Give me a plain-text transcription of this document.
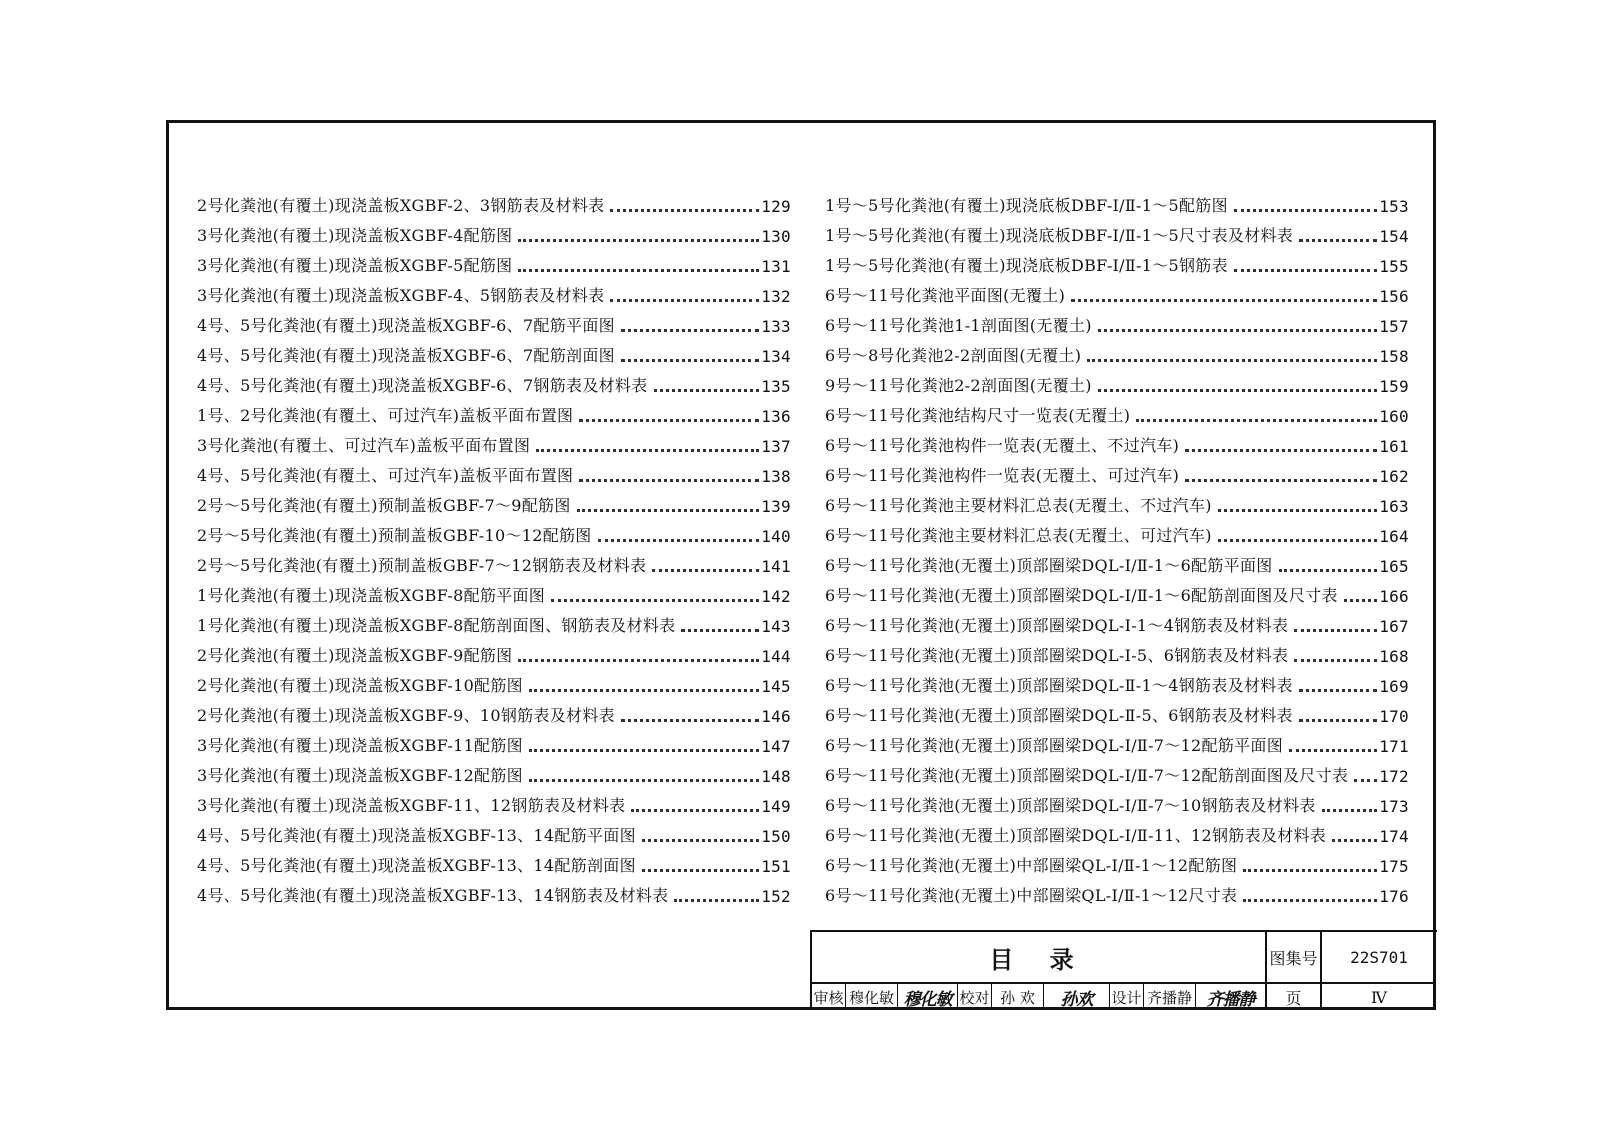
2号化粪池(有覆土)现浇盖板XGBF-2、3钢筋表及材料表	129
3号化粪池(有覆土)现浇盖板XGBF-4配筋图	130
3号化粪池(有覆土)现浇盖板XGBF-5配筋图	131
3号化粪池(有覆土)现浇盖板XGBF-4、5钢筋表及材料表	132
4号、5号化粪池(有覆土)现浇盖板XGBF-6、7配筋平面图	133
4号、5号化粪池(有覆土)现浇盖板XGBF-6、7配筋剖面图	134
4号、5号化粪池(有覆土)现浇盖板XGBF-6、7钢筋表及材料表	135
1号、2号化粪池(有覆土、可过汽车)盖板平面布置图	136
3号化粪池(有覆土、可过汽车)盖板平面布置图	137
4号、5号化粪池(有覆土、可过汽车)盖板平面布置图	138
2号～5号化粪池(有覆土)预制盖板GBF-7～9配筋图	139
2号～5号化粪池(有覆土)预制盖板GBF-10～12配筋图	140
2号～5号化粪池(有覆土)预制盖板GBF-7～12钢筋表及材料表	141
1号化粪池(有覆土)现浇盖板XGBF-8配筋平面图	142
1号化粪池(有覆土)现浇盖板XGBF-8配筋剖面图、钢筋表及材料表	143
2号化粪池(有覆土)现浇盖板XGBF-9配筋图	144
2号化粪池(有覆土)现浇盖板XGBF-10配筋图	145
2号化粪池(有覆土)现浇盖板XGBF-9、10钢筋表及材料表	146
3号化粪池(有覆土)现浇盖板XGBF-11配筋图	147
3号化粪池(有覆土)现浇盖板XGBF-12配筋图	148
3号化粪池(有覆土)现浇盖板XGBF-11、12钢筋表及材料表	149
4号、5号化粪池(有覆土)现浇盖板XGBF-13、14配筋平面图	150
4号、5号化粪池(有覆土)现浇盖板XGBF-13、14配筋剖面图	151
4号、5号化粪池(有覆土)现浇盖板XGBF-13、14钢筋表及材料表	152
1号～5号化粪池(有覆土)现浇底板DBF-Ⅰ/Ⅱ-1～5配筋图	153
1号～5号化粪池(有覆土)现浇底板DBF-Ⅰ/Ⅱ-1～5尺寸表及材料表	154
1号～5号化粪池(有覆土)现浇底板DBF-Ⅰ/Ⅱ-1～5钢筋表	155
6号～11号化粪池平面图(无覆土)	156
6号～11号化粪池1-1剖面图(无覆土)	157
6号～8号化粪池2-2剖面图(无覆土)	158
9号～11号化粪池2-2剖面图(无覆土)	159
6号～11号化粪池结构尺寸一览表(无覆土)	160
6号～11号化粪池构件一览表(无覆土、不过汽车)	161
6号～11号化粪池构件一览表(无覆土、可过汽车)	162
6号～11号化粪池主要材料汇总表(无覆土、不过汽车)	163
6号～11号化粪池主要材料汇总表(无覆土、可过汽车)	164
6号～11号化粪池(无覆土)顶部圈梁DQL-Ⅰ/Ⅱ-1～6配筋平面图	165
6号～11号化粪池(无覆土)顶部圈梁DQL-Ⅰ/Ⅱ-1～6配筋剖面图及尺寸表	166
6号～11号化粪池(无覆土)顶部圈梁DQL-Ⅰ-1～4钢筋表及材料表	167
6号～11号化粪池(无覆土)顶部圈梁DQL-Ⅰ-5、6钢筋表及材料表	168
6号～11号化粪池(无覆土)顶部圈梁DQL-Ⅱ-1～4钢筋表及材料表	169
6号～11号化粪池(无覆土)顶部圈梁DQL-Ⅱ-5、6钢筋表及材料表	170
6号～11号化粪池(无覆土)顶部圈梁DQL-Ⅰ/Ⅱ-7～12配筋平面图	171
6号～11号化粪池(无覆土)顶部圈梁DQL-Ⅰ/Ⅱ-7～12配筋剖面图及尺寸表 172
6号～11号化粪池(无覆土)顶部圈梁DQL-Ⅰ/Ⅱ-7～10钢筋表及材料表	173
6号～11号化粪池(无覆土)顶部圈梁DQL-Ⅰ/Ⅱ-11、12钢筋表及材料表	174
6号～11号化粪池(无覆土)中部圈梁QL-Ⅰ/Ⅱ-1～12配筋图	175
6号～11号化粪池(无覆土)中部圈梁QL-Ⅰ/Ⅱ-1～12尺寸表	176
目 录	图集号	22S701
页	Ⅳ
审核 穆化敏 穆化敏 校对 孙 欢	孙欢	设计 齐播静 齐播静
